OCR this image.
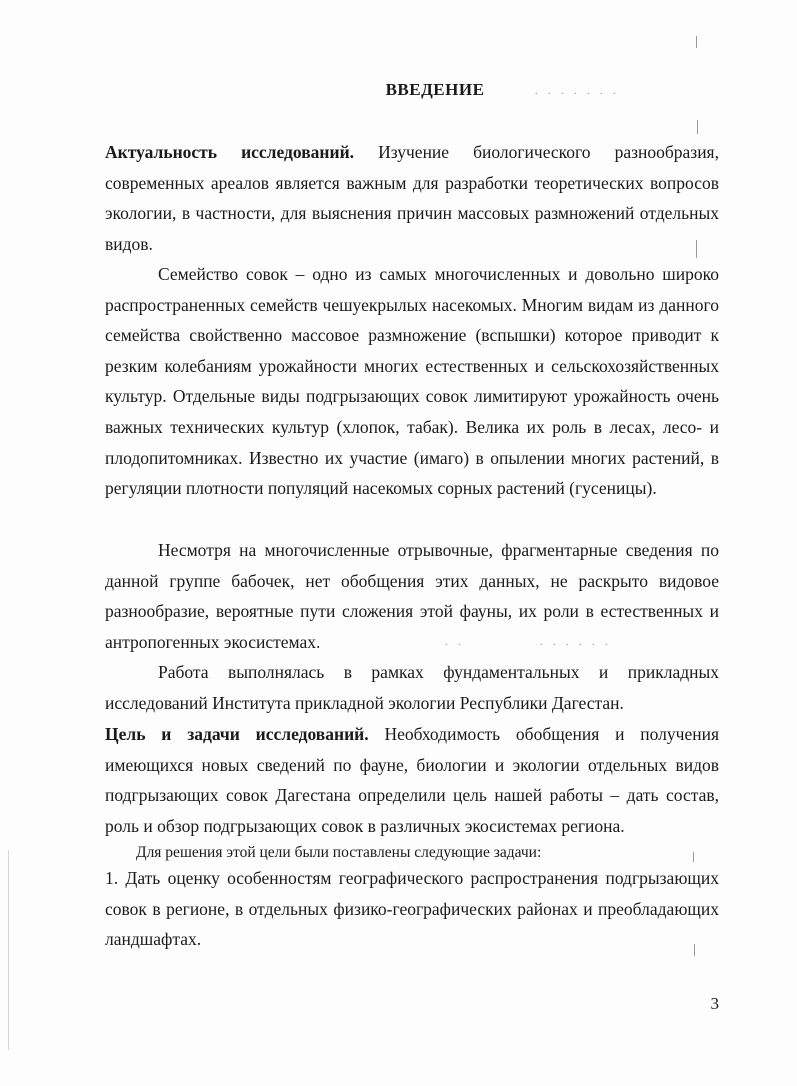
ВВЕДЕНИЕ

Актуальность исследований. Изучение биологического разнообразия, современных ареалов является важным для разработки теоретических вопросов экологии, в частности, для выяснения причин массовых размножений отдельных видов.

Семейство совок – одно из самых многочисленных и довольно широко распространенных семейств чешуекрылых насекомых. Многим видам из данного семейства свойственно массовое размножение (вспышки) которое приводит к резким колебаниям урожайности многих естественных и сельскохозяйственных культур. Отдельные виды подгрызающих совок лимитируют урожайность очень важных технических культур (хлопок, табак). Велика их роль в лесах, лесо- и плодопитомниках. Известно их участие (имаго) в опылении многих растений, в регуляции плотности популяций насекомых сорных растений (гусеницы).

Несмотря на многочисленные отрывочные, фрагментарные сведения по данной группе бабочек, нет обобщения этих данных, не раскрыто видовое разнообразие, вероятные пути сложения этой фауны, их роли в естественных и антропогенных экосистемах.

Работа выполнялась в рамках фундаментальных и прикладных исследований Института прикладной экологии Республики Дагестан.

Цель и задачи исследований. Необходимость обобщения и получения имеющихся новых сведений по фауне, биологии и экологии отдельных видов подгрызающих совок Дагестана определили цель нашей работы – дать состав, роль и обзор подгрызающих совок в различных экосистемах региона.

Для решения этой цели были поставлены следующие задачи:

1. Дать оценку особенностям географического распространения подгрызающих совок в регионе, в отдельных физико-географических районах и преобладающих ландшафтах.

3
. . . . . . .
. . . . . .
. .
